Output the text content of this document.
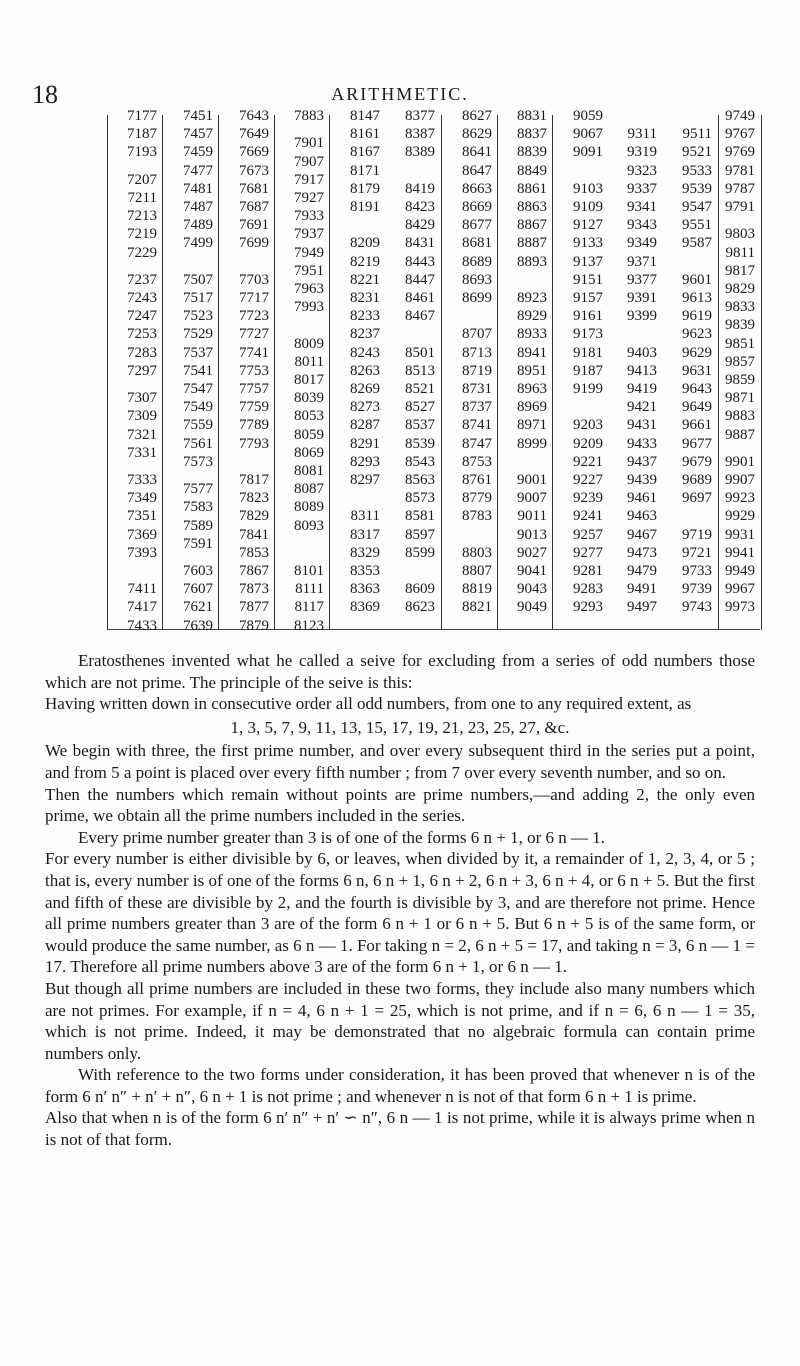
18	ARITHMETIC.
7177
7187
7193
7207
7211
7213
7219
7229
7237
7243
7247
7253
7283
7297
7307
7309
7321
7331
7333
7349
7351
7369
7393
7411
7417
7433
7451
7457
7459
7477
7481
7487
7489
7499
7507
7517
7523
7529
7537
7541
7547
7549
7559
7561
7573
7577
7583
7589
7591
7603
7607
7621
7639
7643
7649
7669
7673
7681
7687
7691
7699
7703
7717
7723
7727
7741
7753
7757
7759
7789
7793
7817
7823
7829
7841
7853
7867
7873
7877
7879
7883
7901
7907
7917
7927
7933
7937
7949
7951
7963
7993
8009
8011
8017
8039
8053
8059
8069
8081
8087
8089
8093
8101
8111
8117
8123
8147
8161
8167
8171
8179
8191
8209
8219
8221
8231
8233
8237
8243
8263
8269
8273
8287
8291
8293
8297
8311
8317
8329
8353
8363
8369
8377
8387
8389
8419
8423
8429
8431
8443
8447
8461
8467
8501
8513
8521
8527
8537
8539
8543
8563
8573
8581
8597
8599
8609
8623
8627
8629
8641
8647
8663
8669
8677
8681
8689
8693
8699
8707
8713
8719
8731
8737
8741
8747
8753
8761
8779
8783
8803
8807
8819
8821
8831
8837
8839
8849
8861
8863
8867
8887
8893
8923
8929
8933
8941
8951
8963
8969
8971
8999
9001
9007
9011
9013
9027
9041
9043
9049
9059
9067
9091
9103
9109
9127
9133
9137
9151
9157
9161
9173
9181
9187
9199
9203
9209
9221
9227
9239
9241
9257
9277
9281
9283
9293
9311
9319
9323
9337
9341
9343
9349
9371
9377
9391
9399
9403
9413
9419
9421
9431
9433
9437
9439
9461
9463
9467
9473
9479
9491
9497
9511
9521
9533
9539
9547
9551
9587
9601
9613
9619
9623
9629
9631
9643
9649
9661
9677
9679
9689
9697
9719
9721
9733
9739
9743
9749
9767
9769
9781
9787
9791
9803
9811
9817
9829
9833
9839
9851
9857
9859
9871
9883
9887
9901
9907
9923
9929
9931
9941
9949
9967
9973

Eratosthenes invented what he called a seive for excluding from a series of odd numbers those which are not prime. The principle of the seive is this:

Having written down in consecutive order all odd numbers, from one to any required extent, as

1, 3, 5, 7, 9, 11, 13, 15, 17, 19, 21, 23, 25, 27, &c.

We begin with three, the first prime number, and over every subsequent third in the series put a point, and from 5 a point is placed over every fifth number ; from 7 over every seventh number, and so on.

Then the numbers which remain without points are prime numbers,—and adding 2, the only even prime, we obtain all the prime numbers included in the series.

Every prime number greater than 3 is of one of the forms 6 n + 1, or 6 n — 1.

For every number is either divisible by 6, or leaves, when divided by it, a remainder of 1, 2, 3, 4, or 5 ; that is, every number is of one of the forms 6 n, 6 n + 1, 6 n + 2, 6 n + 3, 6 n + 4, or 6 n + 5. But the first and fifth of these are divisible by 2, and the fourth is divisible by 3, and are therefore not prime. Hence all prime numbers greater than 3 are of the form 6 n + 1 or 6 n + 5. But 6 n + 5 is of the same form, or would produce the same number, as 6 n — 1. For taking n = 2, 6 n + 5 = 17, and taking n = 3, 6 n — 1 = 17. Therefore all prime numbers above 3 are of the form 6 n + 1, or 6 n — 1.

But though all prime numbers are included in these two forms, they include also many numbers which are not primes. For example, if n = 4, 6 n + 1 = 25, which is not prime, and if n = 6, 6 n — 1 = 35, which is not prime. Indeed, it may be demonstrated that no algebraic formula can contain prime numbers only.

With reference to the two forms under consideration, it has been proved that whenever n is of the form 6 n′ n″ + n′ + n″, 6 n + 1 is not prime ; and whenever n is not of that form 6 n + 1 is prime.

Also that when n is of the form 6 n′ n″ + n′ ∽ n″, 6 n — 1 is not prime, while it is always prime when n is not of that form.
